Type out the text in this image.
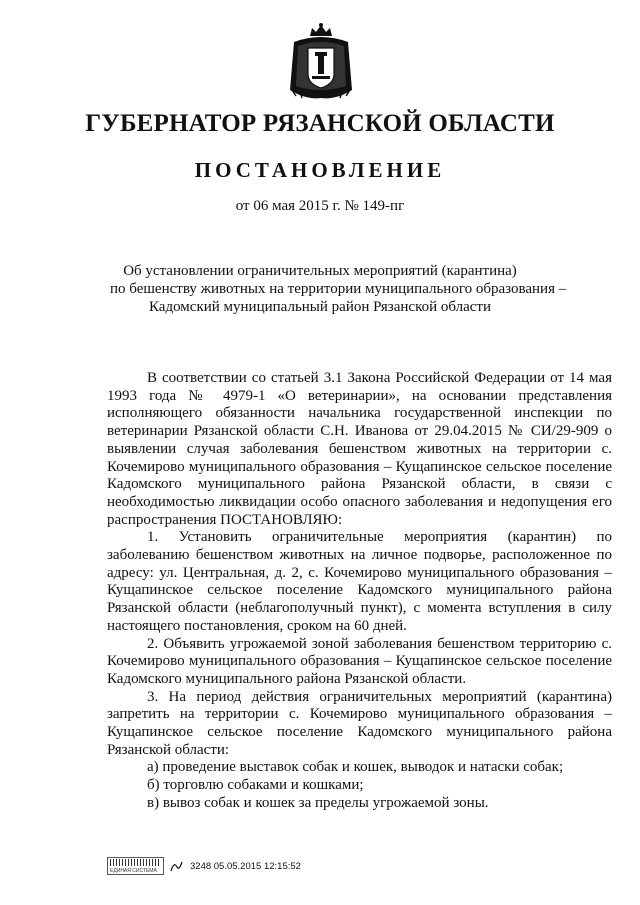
ГУБЕРНАТОР РЯЗАНСКОЙ ОБЛАСТИ
ПОСТАНОВЛЕНИЕ
от 06 мая 2015 г. № 149-пг
Об установлении ограничительных мероприятий (карантина)
по бешенству животных на территории муниципального образования –
Кадомский муниципальный район Рязанской области

В соответствии со статьей 3.1 Закона Российской Федерации от 14 мая 1993 года № 4979-1 «О ветеринарии», на основании представления исполняющего обязанности начальника государственной инспекции по ветеринарии Рязанской области С.Н. Иванова от 29.04.2015 № СИ/29-909 о выявлении случая заболевания бешенством животных на территории с. Кочемирово муниципального образования – Кущапинское сельское поселение Кадомского муниципального района Рязанской области, в связи с необходимостью ликвидации особо опасного заболевания и недопущения его распространения ПОСТАНОВЛЯЮ:

1. Установить ограничительные мероприятия (карантин) по заболеванию бешенством животных на личное подворье, расположенное по адресу: ул. Центральная, д. 2, с. Кочемирово муниципального образования – Кущапинское сельское поселение Кадомского муниципального района Рязанской области (неблагополучный пункт), с момента вступления в силу настоящего постановления, сроком на 60 дней.

2. Объявить угрожаемой зоной заболевания бешенством территорию с. Кочемирово муниципального образования – Кущапинское сельское поселение Кадомского муниципального района Рязанской области.

3. На период действия ограничительных мероприятий (карантина) запретить на территории с. Кочемирово муниципального образования – Кущапинское сельское поселение Кадомского муниципального района Рязанской области:

а) проведение выставок собак и кошек, выводок и натаски собак;

б) торговлю собаками и кошками;

в) вывоз собак и кошек за пределы угрожаемой зоны.

ЕДИНАЯ СИСТЕМА	3248 05.05.2015 12:15:52
